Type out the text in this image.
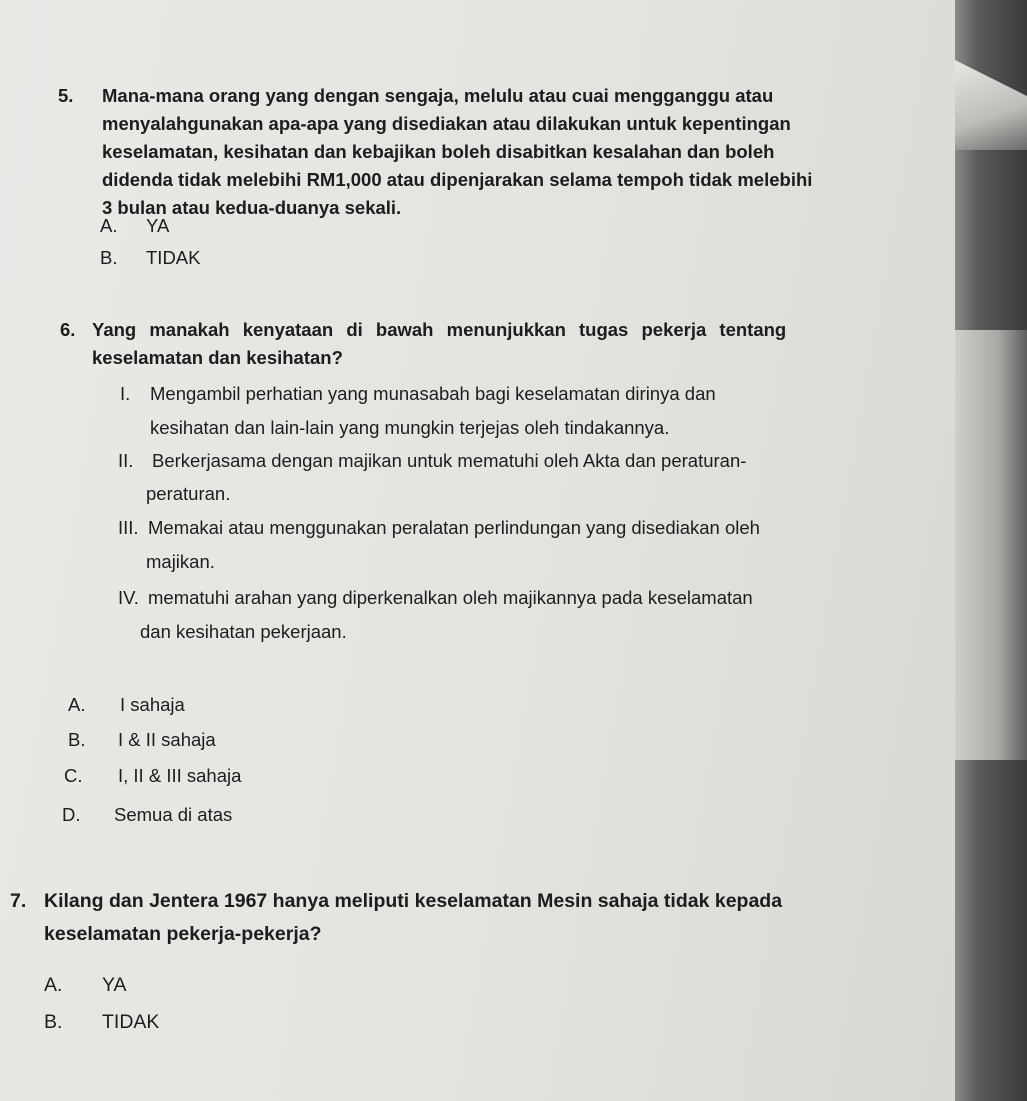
5. Mana-mana orang yang dengan sengaja, melulu atau cuai mengganggu atau
menyalahgunakan apa-apa yang disediakan atau dilakukan untuk kepentingan
keselamatan, kesihatan dan kebajikan boleh disabitkan kesalahan dan boleh
didenda tidak melebihi RM1,000 atau dipenjarakan selama tempoh tidak melebihi
3 bulan atau kedua-duanya sekali.
A. YA
B. TIDAK
6. Yang manakah kenyataan di bawah menunjukkan tugas pekerja tentang
keselamatan dan kesihatan?
I. Mengambil perhatian yang munasabah bagi keselamatan dirinya dan
kesihatan dan lain-lain yang mungkin terjejas oleh tindakannya.
II. Berkerjasama dengan majikan untuk mematuhi oleh Akta dan peraturan-
peraturan.
III. Memakai atau menggunakan peralatan perlindungan yang disediakan oleh
majikan.
IV. mematuhi arahan yang diperkenalkan oleh majikannya pada keselamatan
dan kesihatan pekerjaan.
A. I sahaja
B. I & II sahaja
C. I, II & III sahaja
D. Semua di atas
7. Kilang dan Jentera 1967 hanya meliputi keselamatan Mesin sahaja tidak kepada
keselamatan pekerja-pekerja?
A. YA
B. TIDAK
